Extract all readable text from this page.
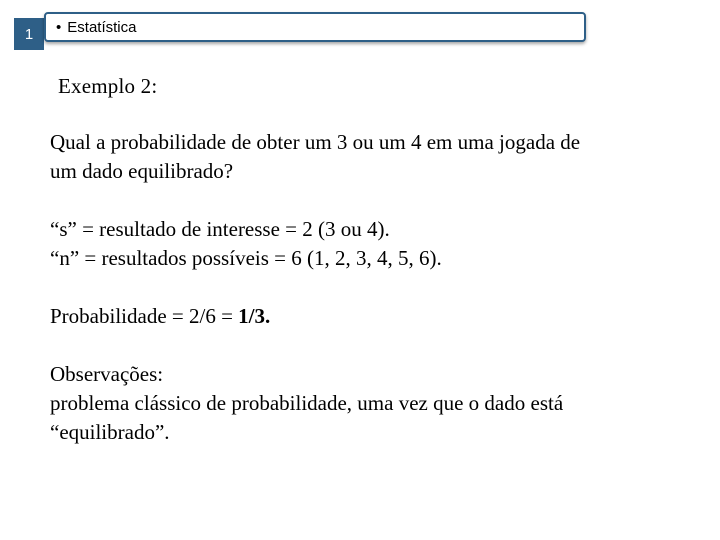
1 • Estatística
Exemplo 2:

Qual a probabilidade de obter um 3 ou um 4 em uma jogada de

um dado equilibrado?

“s” = resultado de interesse = 2 (3 ou 4).

“n” = resultados possíveis = 6 (1, 2, 3, 4, 5, 6).

Probabilidade = 2/6 = 1/3.

Observações:

problema clássico de probabilidade, uma vez que o dado está

“equilibrado”.
